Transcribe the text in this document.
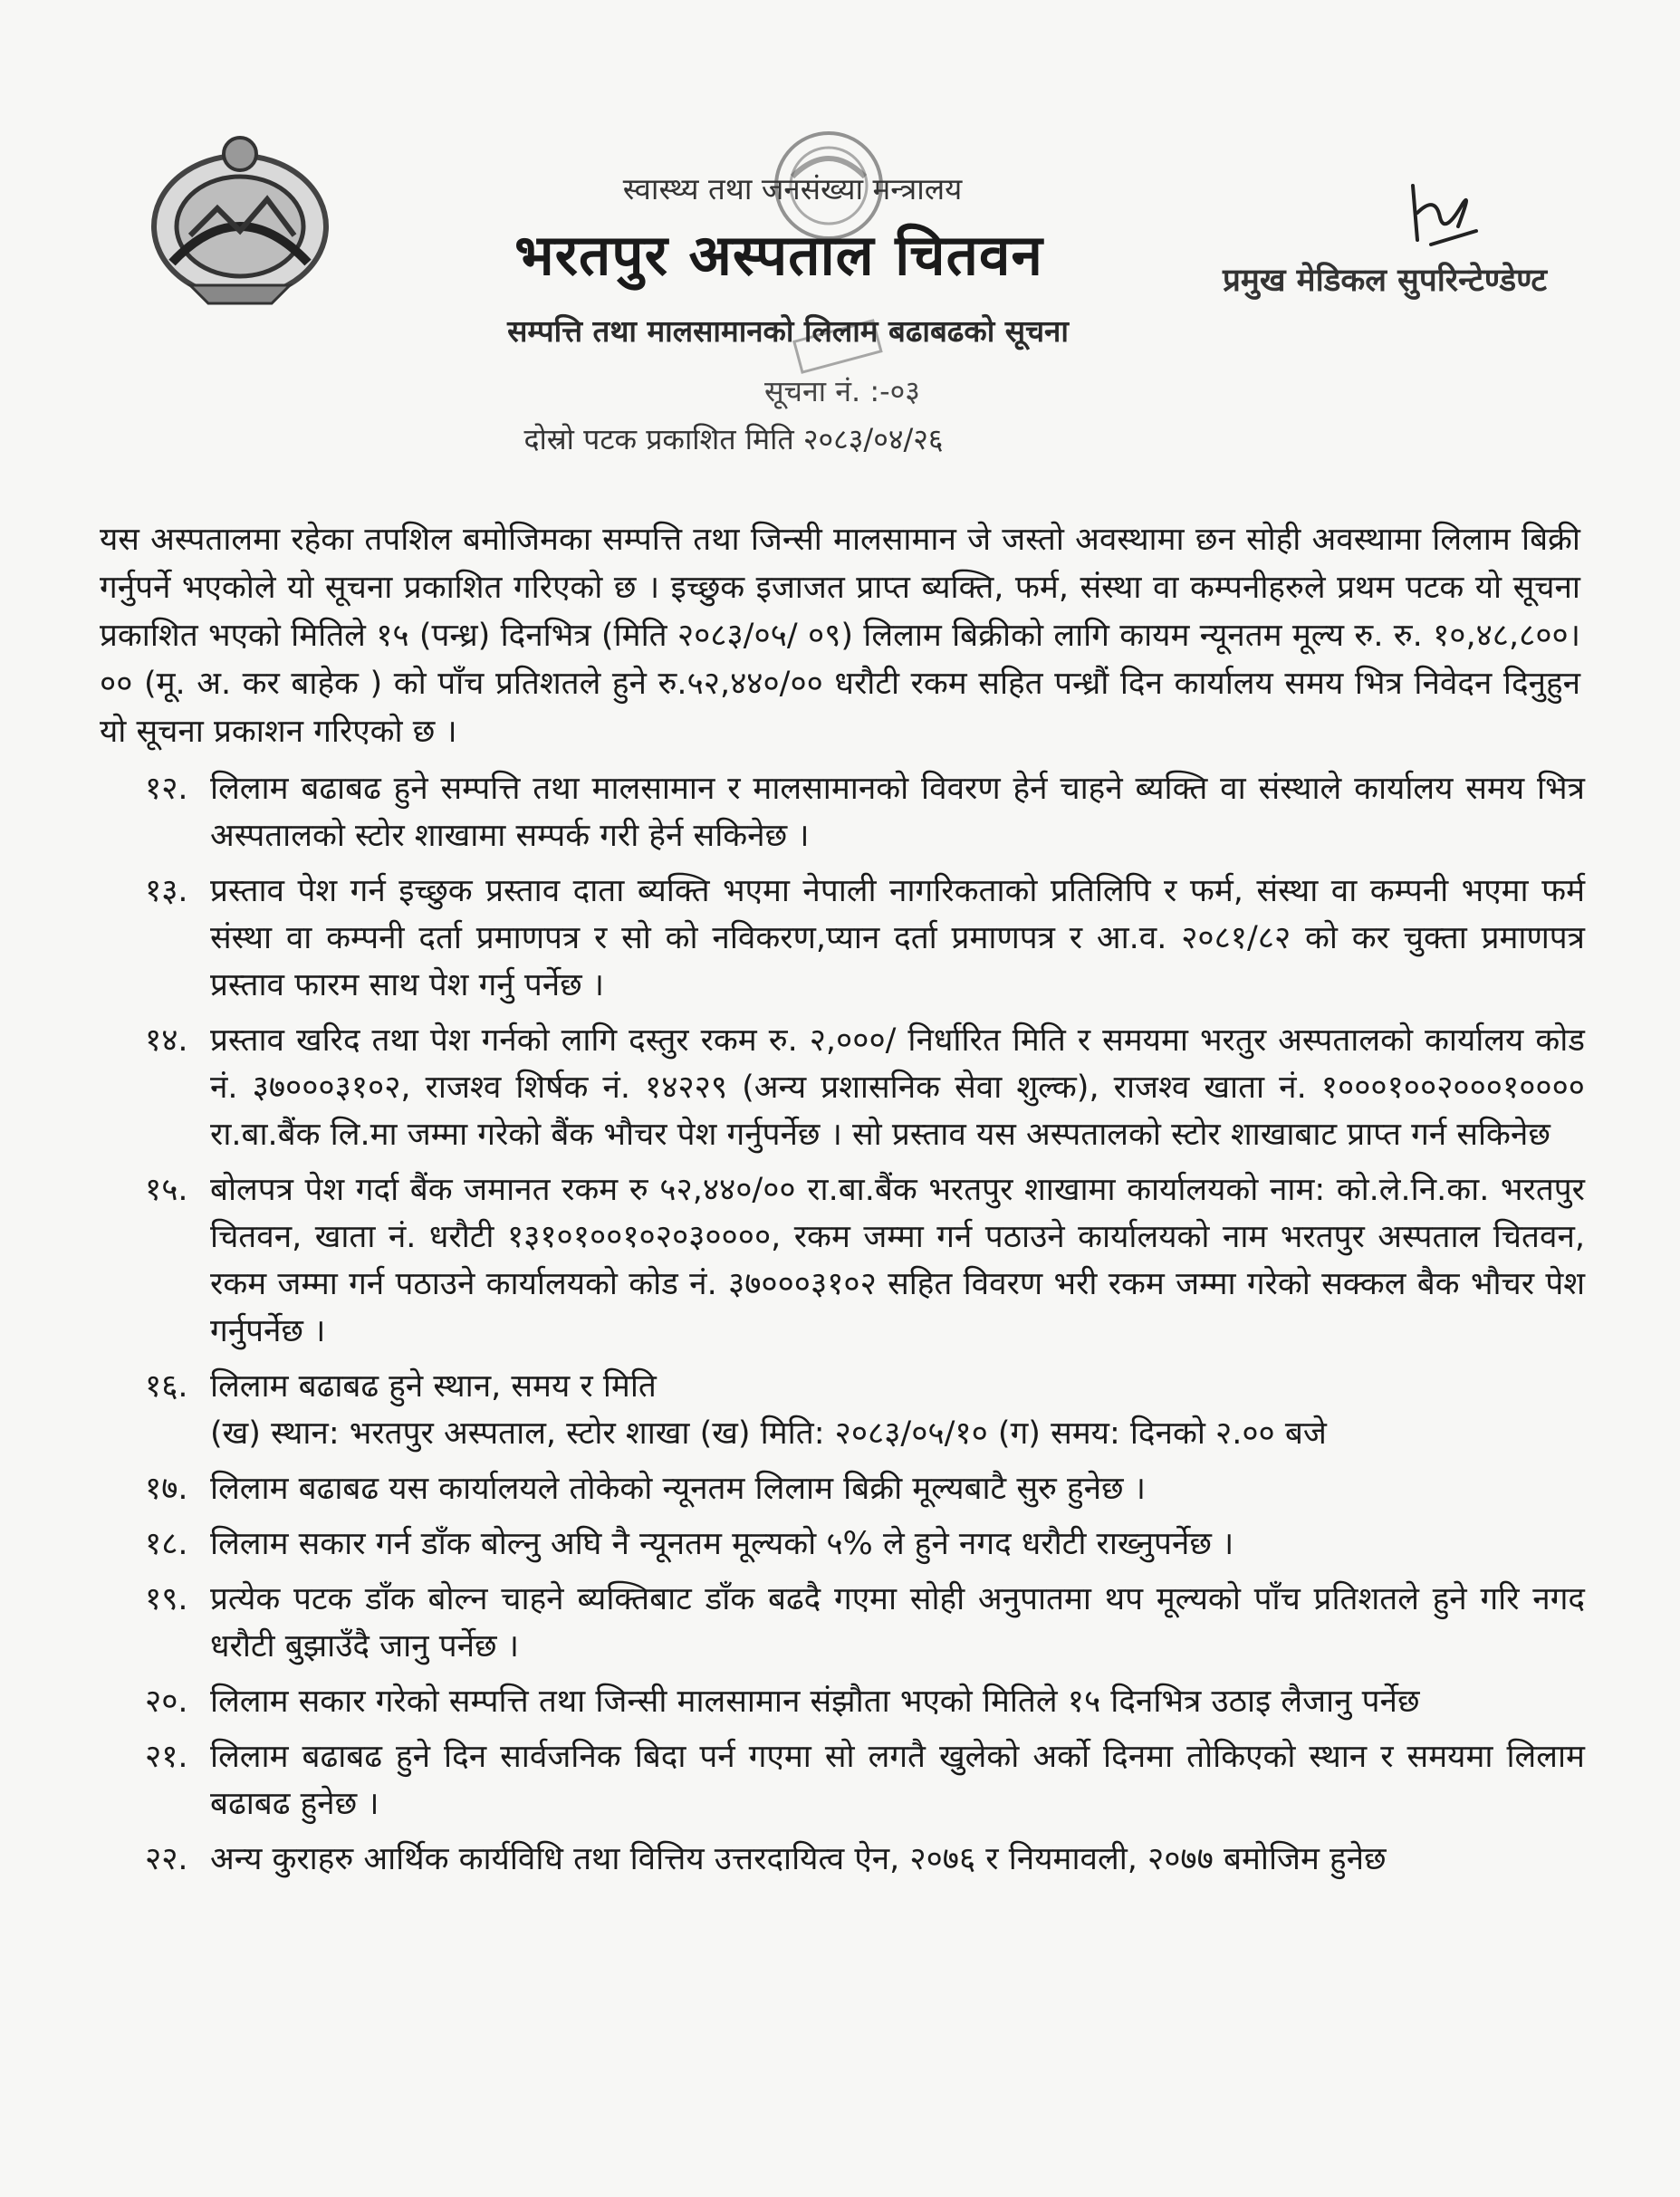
स्वास्थ्य तथा जनसंख्या मन्त्रालय
भरतपुर अस्पताल चितवन
सम्पत्ति तथा मालसामानको लिलाम बढाबढको सूचना
सूचना नं. :-०३
दोस्रो पटक प्रकाशित मिति २०८३/०४/२६
प्रमुख मेडिकल सुपरिन्टेण्डेण्ट

यस अस्पतालमा रहेका तपशिल बमोजिमका सम्पत्ति तथा जिन्सी मालसामान जे जस्तो अवस्थामा छन सोही अवस्थामा लिलाम बिक्री गर्नुपर्ने भएकोले यो सूचना प्रकाशित गरिएको छ । इच्छुक इजाजत प्राप्त ब्यक्ति, फर्म, संस्था वा कम्पनीहरुले प्रथम पटक यो सूचना प्रकाशित भएको मितिले १५ (पन्ध्र) दिनभित्र (मिति २०८३/०५/ ०९) लिलाम बिक्रीको लागि कायम न्यूनतम मूल्य रु. रु. १०,४८,८००।०० (मू. अ. कर बाहेक ) को पाँच प्रतिशतले हुने रु.५२,४४०/०० धरौटी रकम सहित पन्ध्रौं दिन कार्यालय समय भित्र निवेदन दिनुहुन यो सूचना प्रकाशन गरिएको छ ।

१२. लिलाम बढाबढ हुने सम्पत्ति तथा मालसामान र मालसामानको विवरण हेर्न चाहने ब्यक्ति वा संस्थाले कार्यालय समय भित्र अस्पतालको स्टोर शाखामा सम्पर्क गरी हेर्न सकिनेछ ।
१३. प्रस्ताव पेश गर्न इच्छुक प्रस्ताव दाता ब्यक्ति भएमा नेपाली नागरिकताको प्रतिलिपि र फर्म, संस्था वा कम्पनी भएमा फर्म संस्था वा कम्पनी दर्ता प्रमाणपत्र र सो को नविकरण,प्यान दर्ता प्रमाणपत्र र आ.व. २०८१/८२ को कर चुक्ता प्रमाणपत्र प्रस्ताव फारम साथ पेश गर्नु पर्नेछ ।
१४. प्रस्ताव खरिद तथा पेश गर्नको लागि दस्तुर रकम रु. २,०००/ निर्धारित मिति र समयमा भरतुर अस्पतालको कार्यालय कोड नं. ३७०००३१०२, राजश्व शिर्षक नं. १४२२९ (अन्य प्रशासनिक सेवा शुल्क), राजश्व खाता नं. १०००१००२०००१०००० रा.बा.बैंक लि.मा जम्मा गरेको बैंक भौचर पेश गर्नुपर्नेछ । सो प्रस्ताव यस अस्पतालको स्टोर शाखाबाट प्राप्त गर्न सकिनेछ
१५. बोलपत्र पेश गर्दा बैंक जमानत रकम रु ५२,४४०/०० रा.बा.बैंक भरतपुर शाखामा कार्यालयको नाम: को.ले.नि.का. भरतपुर चितवन, खाता नं. धरौटी १३१०१००१०२०३००००, रकम जम्मा गर्न पठाउने कार्यालयको नाम भरतपुर अस्पताल चितवन, रकम जम्मा गर्न पठाउने कार्यालयको कोड नं. ३७०००३१०२ सहित विवरण भरी रकम जम्मा गरेको सक्कल बैक भौचर पेश गर्नुपर्नेछ ।
१६. लिलाम बढाबढ हुने स्थान, समय र मिति
(ख) स्थान: भरतपुर अस्पताल, स्टोर शाखा (ख) मिति: २०८३/०५/१० (ग) समय: दिनको २.०० बजे
१७. लिलाम बढाबढ यस कार्यालयले तोकेको न्यूनतम लिलाम बिक्री मूल्यबाटै सुरु हुनेछ ।
१८. लिलाम सकार गर्न डाँक बोल्नु अघि नै न्यूनतम मूल्यको ५% ले हुने नगद धरौटी राख्नुपर्नेछ ।
१९. प्रत्येक पटक डाँक बोल्न चाहने ब्यक्तिबाट डाँक बढदै गएमा सोही अनुपातमा थप मूल्यको पाँच प्रतिशतले हुने गरि नगद धरौटी बुझाउँदै जानु पर्नेछ ।
२०. लिलाम सकार गरेको सम्पत्ति तथा जिन्सी मालसामान संझौता भएको मितिले १५ दिनभित्र उठाइ लैजानु पर्नेछ
२१. लिलाम बढाबढ हुने दिन सार्वजनिक बिदा पर्न गएमा सो लगतै खुलेको अर्को दिनमा तोकिएको स्थान र समयमा लिलाम बढाबढ हुनेछ ।
२२. अन्य कुराहरु आर्थिक कार्यविधि तथा वित्तिय उत्तरदायित्व ऐन, २०७६ र नियमावली, २०७७ बमोजिम हुनेछ
